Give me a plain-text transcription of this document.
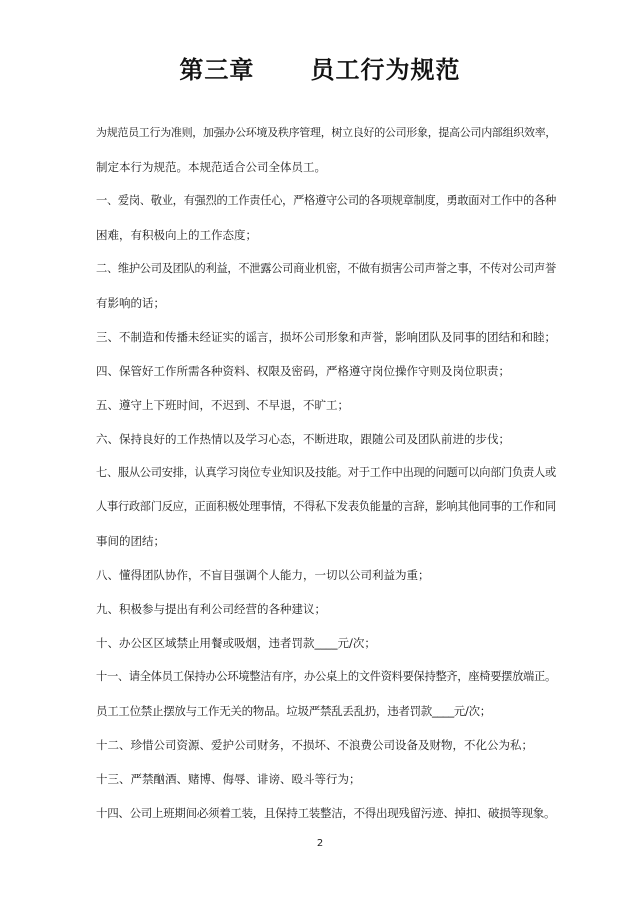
第三章      员工行为规范
为规范员工行为准则，加强办公环境及秩序管理，树立良好的公司形象，提高公司内部组织效率，
制定本行为规范。本规范适合公司全体员工。
一、爱岗、敬业，有强烈的工作责任心，严格遵守公司的各项规章制度，勇敢面对工作中的各种
困难，有积极向上的工作态度；
二、维护公司及团队的利益，不泄露公司商业机密，不做有损害公司声誉之事，不传对公司声誉
有影响的话；
三、不制造和传播未经证实的谣言，损坏公司形象和声誉，影响团队及同事的团结和和睦；
四、保管好工作所需各种资料、权限及密码，严格遵守岗位操作守则及岗位职责；
五、遵守上下班时间，不迟到、不早退，不旷工；
六、保持良好的工作热情以及学习心态，不断进取，跟随公司及团队前进的步伐；
七、服从公司安排，认真学习岗位专业知识及技能。对于工作中出现的问题可以向部门负责人或
人事行政部门反应，正面积极处理事情，不得私下发表负能量的言辞，影响其他同事的工作和同
事间的团结；
八、懂得团队协作，不盲目强调个人能力，一切以公司利益为重；
九、积极参与提出有利公司经营的各种建议；
十、办公区区域禁止用餐或吸烟，违者罚款____元/次；
十一、请全体员工保持办公环境整洁有序，办公桌上的文件资料要保持整齐，座椅要摆放端正。
员工工位禁止摆放与工作无关的物品。垃圾严禁乱丢乱扔，违者罚款____元/次；
十二、珍惜公司资源、爱护公司财务，不损坏、不浪费公司设备及财物，不化公为私；
十三、严禁酗酒、赌博、侮辱、诽谤、殴斗等行为；
十四、公司上班期间必须着工装，且保持工装整洁，不得出现残留污迹、掉扣、破损等现象。
2
